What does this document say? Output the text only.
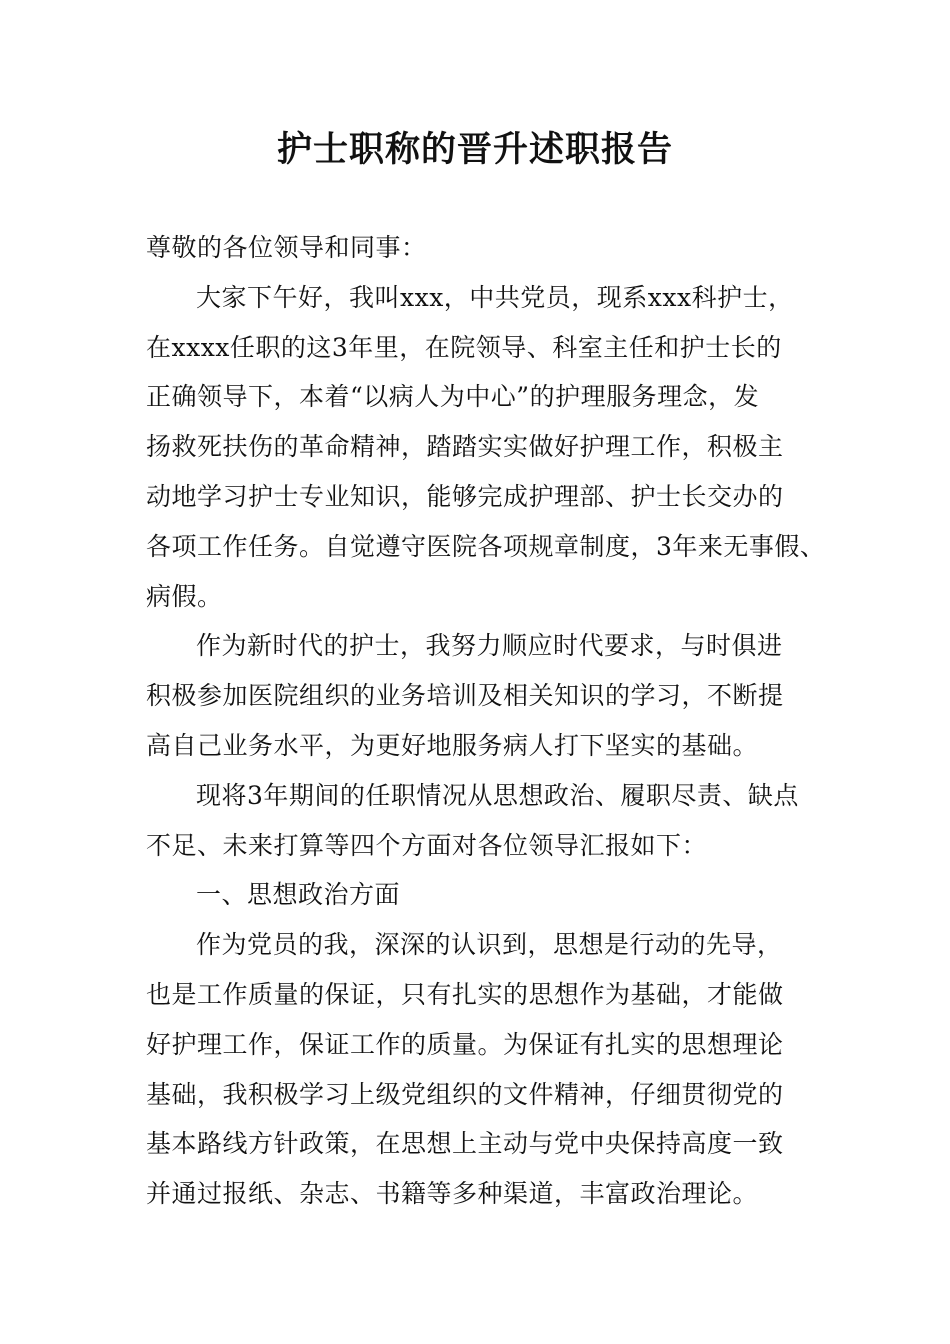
护士职称的晋升述职报告
尊敬的各位领导和同事：
大家下午好，我叫xxx，中共党员，现系xxx科护士，
在xxxx任职的这3年里，在院领导、科室主任和护士长的
正确领导下，本着“以病人为中心”的护理服务理念，发
扬救死扶伤的革命精神，踏踏实实做好护理工作，积极主
动地学习护士专业知识，能够完成护理部、护士长交办的
各项工作任务。自觉遵守医院各项规章制度，3年来无事假、
病假。
作为新时代的护士，我努力顺应时代要求，与时俱进
积极参加医院组织的业务培训及相关知识的学习，不断提
高自己业务水平，为更好地服务病人打下坚实的基础。
现将3年期间的任职情况从思想政治、履职尽责、缺点
不足、未来打算等四个方面对各位领导汇报如下：
一、思想政治方面
作为党员的我，深深的认识到，思想是行动的先导，
也是工作质量的保证，只有扎实的思想作为基础，才能做
好护理工作，保证工作的质量。为保证有扎实的思想理论
基础，我积极学习上级党组织的文件精神，仔细贯彻党的
基本路线方针政策，在思想上主动与党中央保持高度一致
并通过报纸、杂志、书籍等多种渠道，丰富政治理论。
